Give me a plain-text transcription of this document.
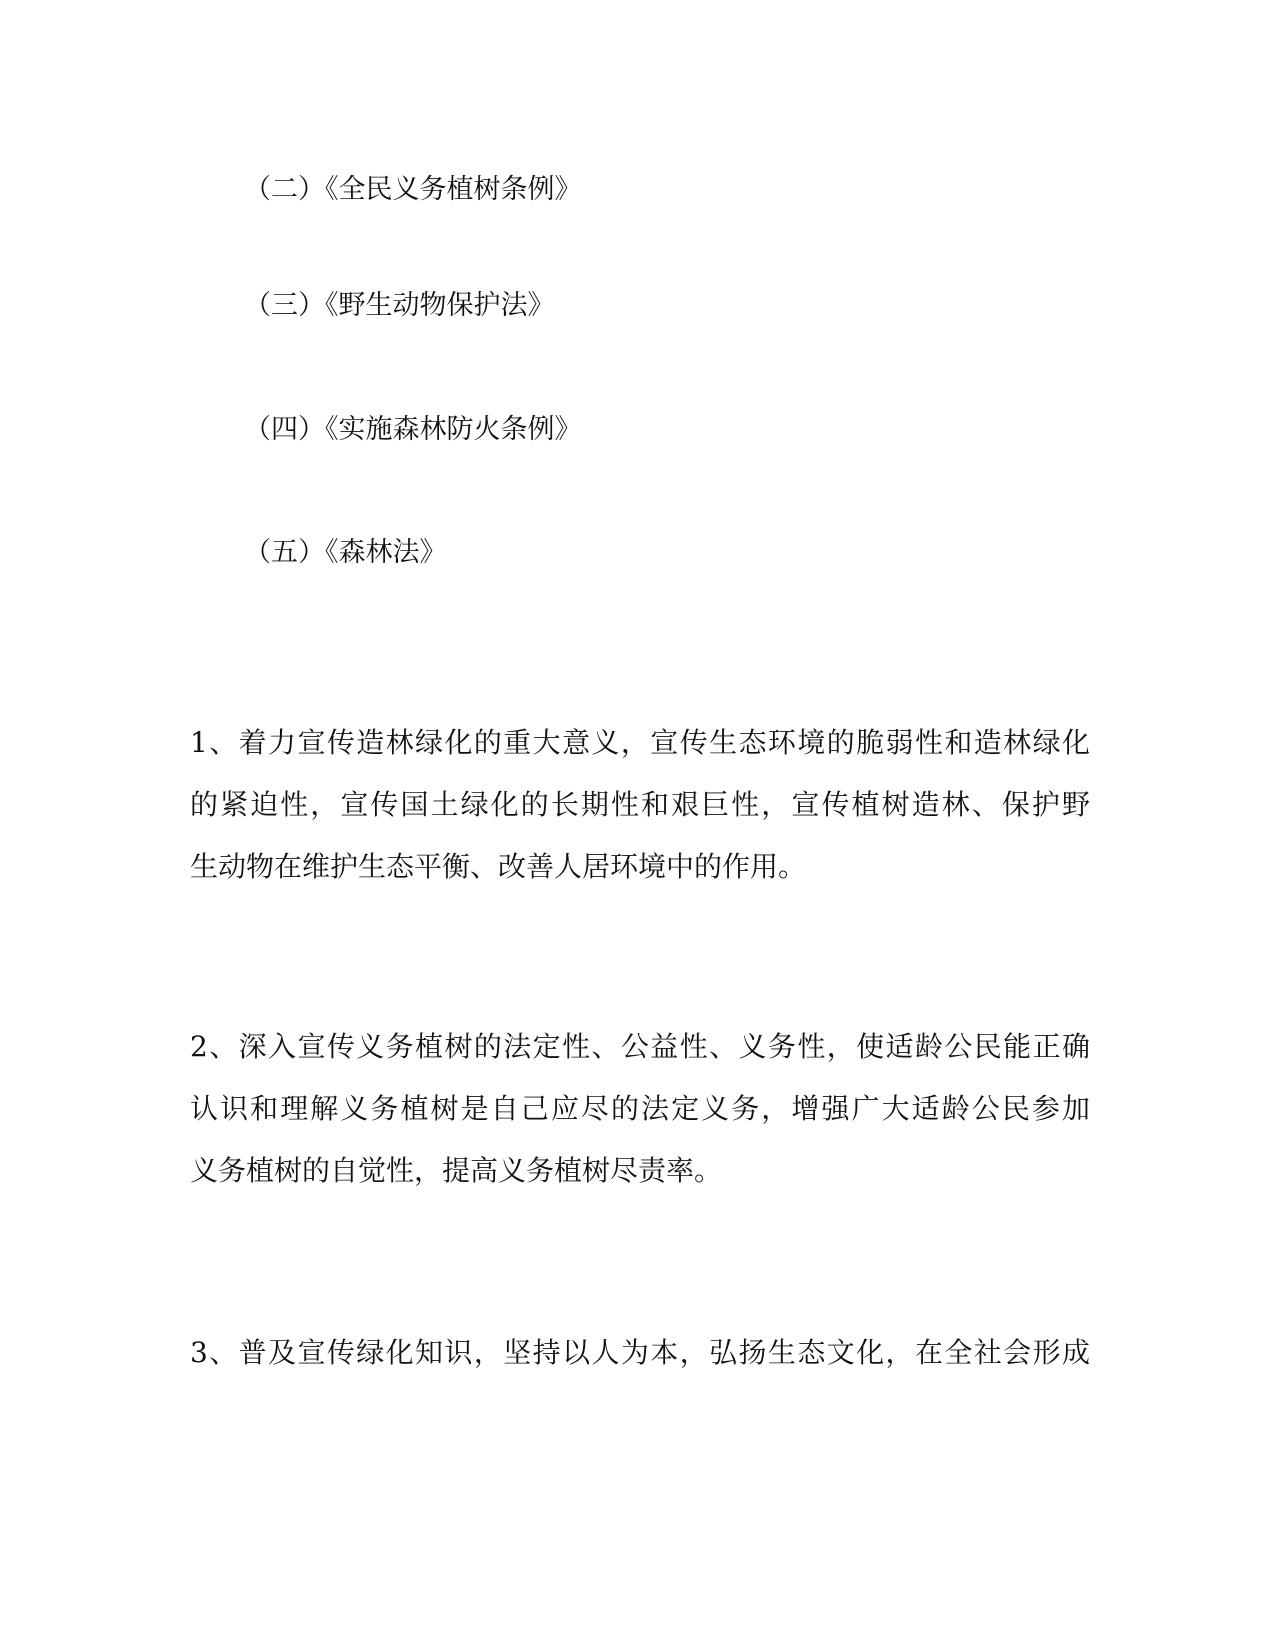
（二）《全民义务植树条例》

（三）《野生动物保护法》

（四）《实施森林防火条例》

（五）《森林法》

1、着力宣传造林绿化的重大意义，宣传生态环境的脆弱性和造林绿化
的紧迫性，宣传国土绿化的长期性和艰巨性，宣传植树造林、保护野
生动物在维护生态平衡、改善人居环境中的作用。
2、深入宣传义务植树的法定性、公益性、义务性，使适龄公民能正确
认识和理解义务植树是自己应尽的法定义务，增强广大适龄公民参加
义务植树的自觉性，提高义务植树尽责率。
3、普及宣传绿化知识，坚持以人为本，弘扬生态文化，在全社会形成
